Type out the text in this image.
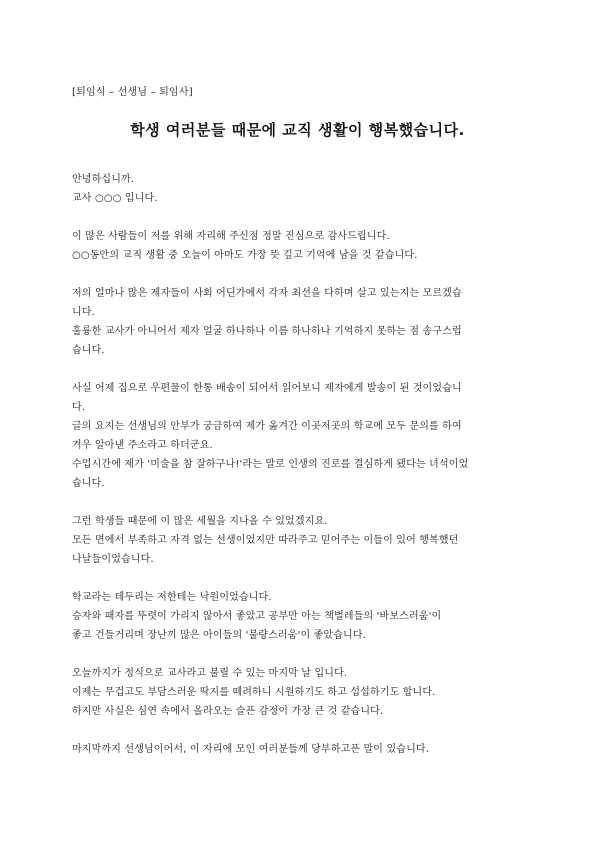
[퇴임식 – 선생님 – 퇴임사]
학생 여러분들 때문에 교직 생활이 행복했습니다.
안녕하십니까.
교사 ○○○ 입니다.
이 많은 사람들이 저를 위해 자리해 주신점 정말 진심으로 감사드립니다.
○○동안의 교직 생활 중 오늘이 아마도 가장 뜻 깊고 기억에 남을 것 같습니다.
저의 얼마나 많은 제자들이 사회 어딘가에서 각자 최선을 다하며 살고 있는지는 모르겠습
니다.
훌륭한 교사가 아니어서 제자 얼굴 하나하나 이름 하나하나 기억하지 못하는 점 송구스럽
습니다.
사실 어제 집으로 우편물이 한통 배송이 되어서 읽어보니 제자에게 발송이 된 것이었습니
다.
글의 요지는 선생님의 안부가 궁금하여 제가 옮겨간 이곳저곳의 학교에 모두 문의를 하여
겨우 알아낸 주소라고 하더군요.
수업시간에 제가 '미술을 참 잘하구나!'라는 말로 인생의 진로를 결심하게 됐다는 녀석이었
습니다.
그런 학생들 때문에 이 많은 세월을 지나올 수 있었겠지요.
모든 면에서 부족하고 자격 없는 선생이었지만 따라주고 믿어주는 이들이 있어 행복했던
나날들이었습니다.
학교라는 테두리는 저한테는 낙원이었습니다.
승자와 패자를 뚜렷이 가리지 않아서 좋았고 공부만 아는 책벌레들의 '바보스러움'이
좋고 건들거리며 장난끼 많은 아이들의 '불량스러움'이 좋았습니다.
오늘까지가 정식으로 교사라고 불릴 수 있는 마지막 날 입니다.
이제는 무겁고도 부담스러운 딱지를 떼려하니 시원하기도 하고 섭섭하기도 합니다.
하지만 사실은 심연 속에서 올라오는 슬픈 감정이 가장 큰 것 같습니다.
마지막까지 선생님이어서, 이 자리에 모인 여러분들께 당부하고픈 말이 있습니다.
